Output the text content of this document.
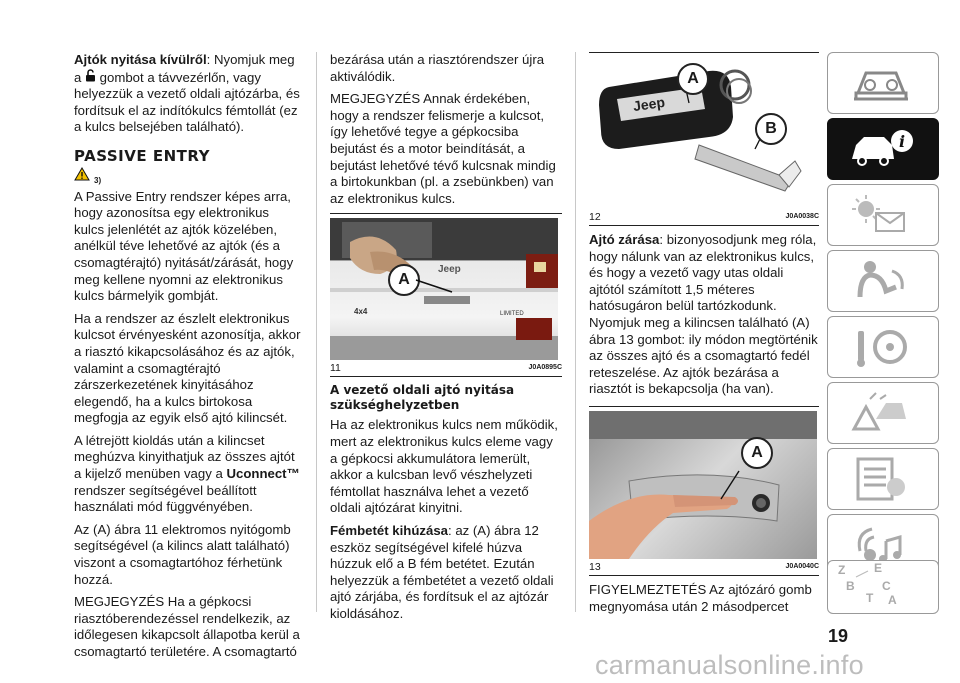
Ajtók nyitása kívülről: Nyomjuk meg a  gombot a távvezérlőn, vagy helyezzük a vezető oldali ajtózárba, és fordítsuk el az indítókulcs fémtollát (ez a kulcs belsejében található).

PASSIVE ENTRY
3)

A Passive Entry rendszer képes arra, hogy azonosítsa egy elektronikus kulcs jelenlétét az ajtók közelében, anélkül téve lehetővé az ajtók (és a csomagtérajtó) nyitását/zárását, hogy meg kellene nyomni az elektronikus kulcs bármelyik gombját.

Ha a rendszer az észlelt elektronikus kulcsot érvényesként azonosítja, akkor a riasztó kikapcsolásához és az ajtók, valamint a csomagtérajtó zárszerkezetének kinyitásához elegendő, ha a kulcs birtokosa megfogja az egyik első ajtó kilincsét.

A létrejött kioldás után a kilincset meghúzva kinyithatjuk az összes ajtót a kijelző menüben vagy a Uconnect™ rendszer segítségével beállított használati mód függvényében.

Az (A) ábra 11 elektromos nyitógomb segítségével (a kilincs alatt található) viszont a csomagtartóhoz férhetünk hozzá.

MEGJEGYZÉS Ha a gépkocsi riasztóberendezéssel rendelkezik, az időlegesen kikapcsolt állapotba kerül a csomagtartó területére. A csomagtartó

bezárása után a riasztórendszer újra aktiválódik.

MEGJEGYZÉS Annak érdekében, hogy a rendszer felismerje a kulcsot, így lehetővé tegye a gépkocsiba bejutást és a motor beindítását, a bejutást lehetővé tévő kulcsnak mindig a birtokunkban (pl. a zsebünkben) van az elektronikus kulcs.

Jeep
4x4	LIMITED
A
11	J0A0895C

A vezető oldali ajtó nyitása szükséghelyzetben

Ha az elektronikus kulcs nem működik, mert az elektronikus kulcs eleme vagy a gépkocsi akkumulátora lemerült, akkor a kulcsban levő vészhelyzeti fémtollat használva lehet a vezető oldali ajtózárat kinyitni.

Fémbetét kihúzása: az (A) ábra 12 eszköz segítségével kifelé húzva húzzuk elő a B fém betétet. Ezután helyezzük a fémbetétet a vezető oldali ajtó zárjába, és fordítsuk el az ajtózár kioldásához.

Jeep
A
B
12	J0A0038C

Ajtó zárása: bizonyosodjunk meg róla, hogy nálunk van az elektronikus kulcs, és hogy a vezető vagy utas oldali ajtótól számított 1,5 méteres hatósugáron belül tartózkodunk. Nyomjuk meg a kilincsen található (A) ábra 13 gombot: ily módon megtörténik az összes ajtó és a csomagtartó fedél reteszelése. Az ajtók bezárása a riasztót is bekapcsolja (ha van).

A
13	J0A0040C

FIGYELMEZTETÉS Az ajtózáró gomb megnyomása után 2 másodpercet

i
Z E
B C
T A
19
carmanualsonline.info
